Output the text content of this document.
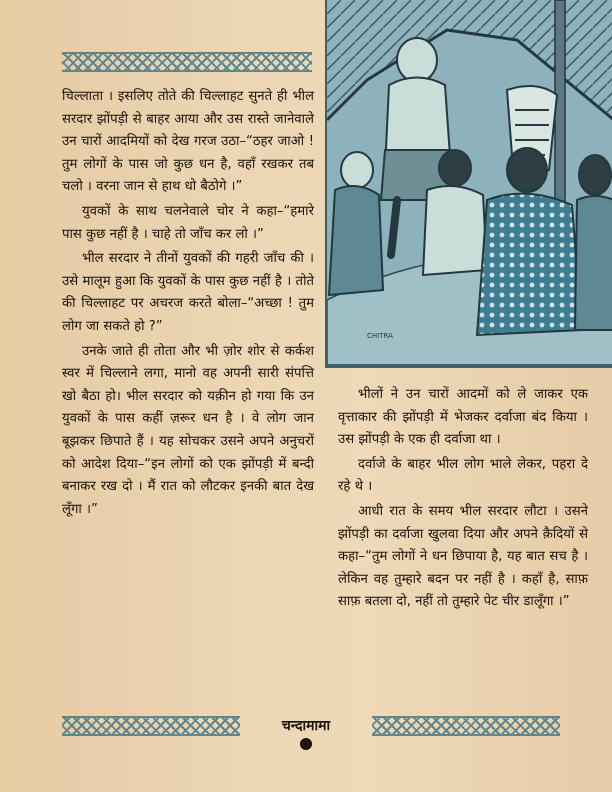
चिल्लाता । इसलिए तोते की चिल्लाहट सुनते ही भील सरदार झोंपड़ी से बाहर आया और उस रास्ते जानेवाले उन चारों आदमियों को देख गरज उठा–“ठहर जाओ ! तुम लोगों के पास जो कुछ धन है, वहाँ रखकर तब चलो । वरना जान से हाथ धो बैठोगे ।”

युवकों के साथ चलनेवाले चोर ने कहा–“हमारे पास कुछ नहीं है । चाहे तो जाँच कर लो ।”

भील सरदार ने तीनों युवकों की गहरी जाँच की । उसे मालूम हुआ कि युवकों के पास कुछ नहीं है । तोते की चिल्लाहट पर अचरज करते बोला–“अच्छा ! तुम लोग जा सकते हो ?”

उनके जाते ही तोता और भी ज़ोर शोर से कर्कश स्वर में चिल्लाने लगा, मानो वह अपनी सारी संपत्ति खो बैठा हो। भील सरदार को यक़ीन हो गया कि उन युवकों के पास कहीं ज़रूर धन है । वे लोग जान बूझकर छिपाते हैं । यह सोचकर उसने अपने अनुचरों को आदेश दिया–“इन लोगों को एक झोंपड़ी में बन्दी बनाकर रख दो । मैं रात को लौटकर इनकी बात देख लूँगा ।”

CHITRA

भीलों ने उन चारों आदमों को ले जाकर एक वृत्ताकार की झोंपड़ी में भेजकर दर्वाजा बंद किया । उस झोंपड़ी के एक ही दर्वाजा था ।

दर्वाजे के बाहर भील लोग भाले लेकर, पहरा दे रहे थे ।

आधी रात के समय भील सरदार लौटा । उसने झोंपड़ी का दर्वाजा खुलवा दिया और अपने क़ैदियों से कहा–“तुम लोगों ने धन छिपाया है, यह बात सच है । लेकिन वह तुम्हारे बदन पर नहीं है । कहाँ है, साफ़ साफ़ बतला दो, नहीं तो तुम्हारे पेट चीर डालूँगा ।”

चन्दामामा
